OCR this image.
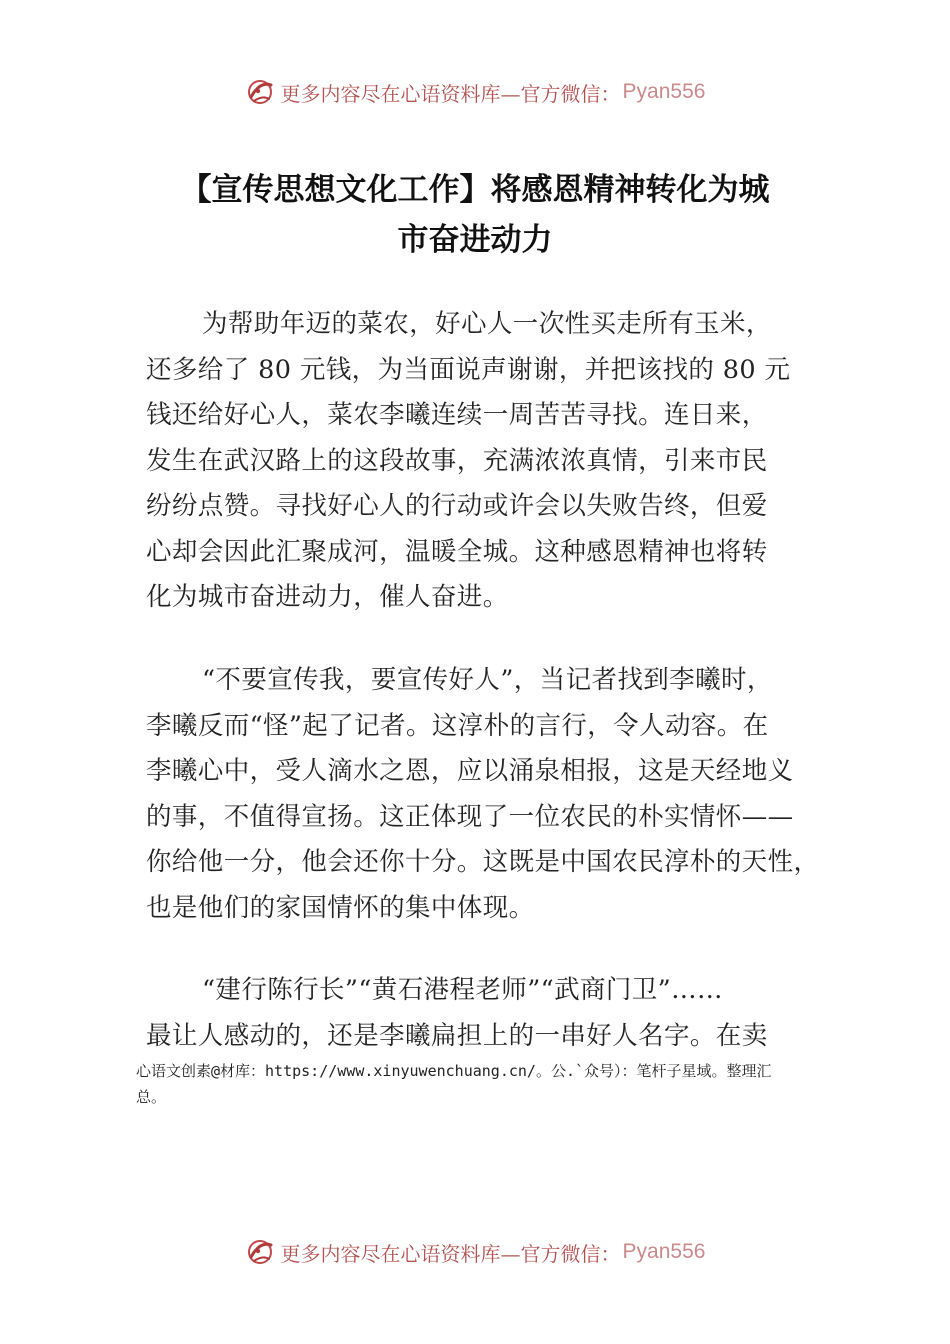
更多内容尽在心语资料库—官方微信： Pyan556
【宣传思想文化工作】将感恩精神转化为城
市奋进动力
为帮助年迈的菜农，好心人一次性买走所有玉米，
还多给了 80 元钱，为当面说声谢谢，并把该找的 80 元
钱还给好心人，菜农李曦连续一周苦苦寻找。连日来，
发生在武汉路上的这段故事，充满浓浓真情，引来市民
纷纷点赞。寻找好心人的行动或许会以失败告终，但爱
心却会因此汇聚成河，温暖全城。这种感恩精神也将转
化为城市奋进动力，催人奋进。
“不要宣传我，要宣传好人”，当记者找到李曦时，
李曦反而“怪”起了记者。这淳朴的言行，令人动容。在
李曦心中，受人滴水之恩，应以涌泉相报，这是天经地义
的事，不值得宣扬。这正体现了一位农民的朴实情怀——
你给他一分，他会还你十分。这既是中国农民淳朴的天性，
也是他们的家国情怀的集中体现。
“建行陈行长”“黄石港程老师”“武商门卫”……
最让人感动的，还是李曦扁担上的一串好人名字。在卖
心语文创素@材库：https://www.xinyuwenchuang.cn/。公.`众号）：笔杆子星域。整理汇
总。
更多内容尽在心语资料库—官方微信： Pyan556
